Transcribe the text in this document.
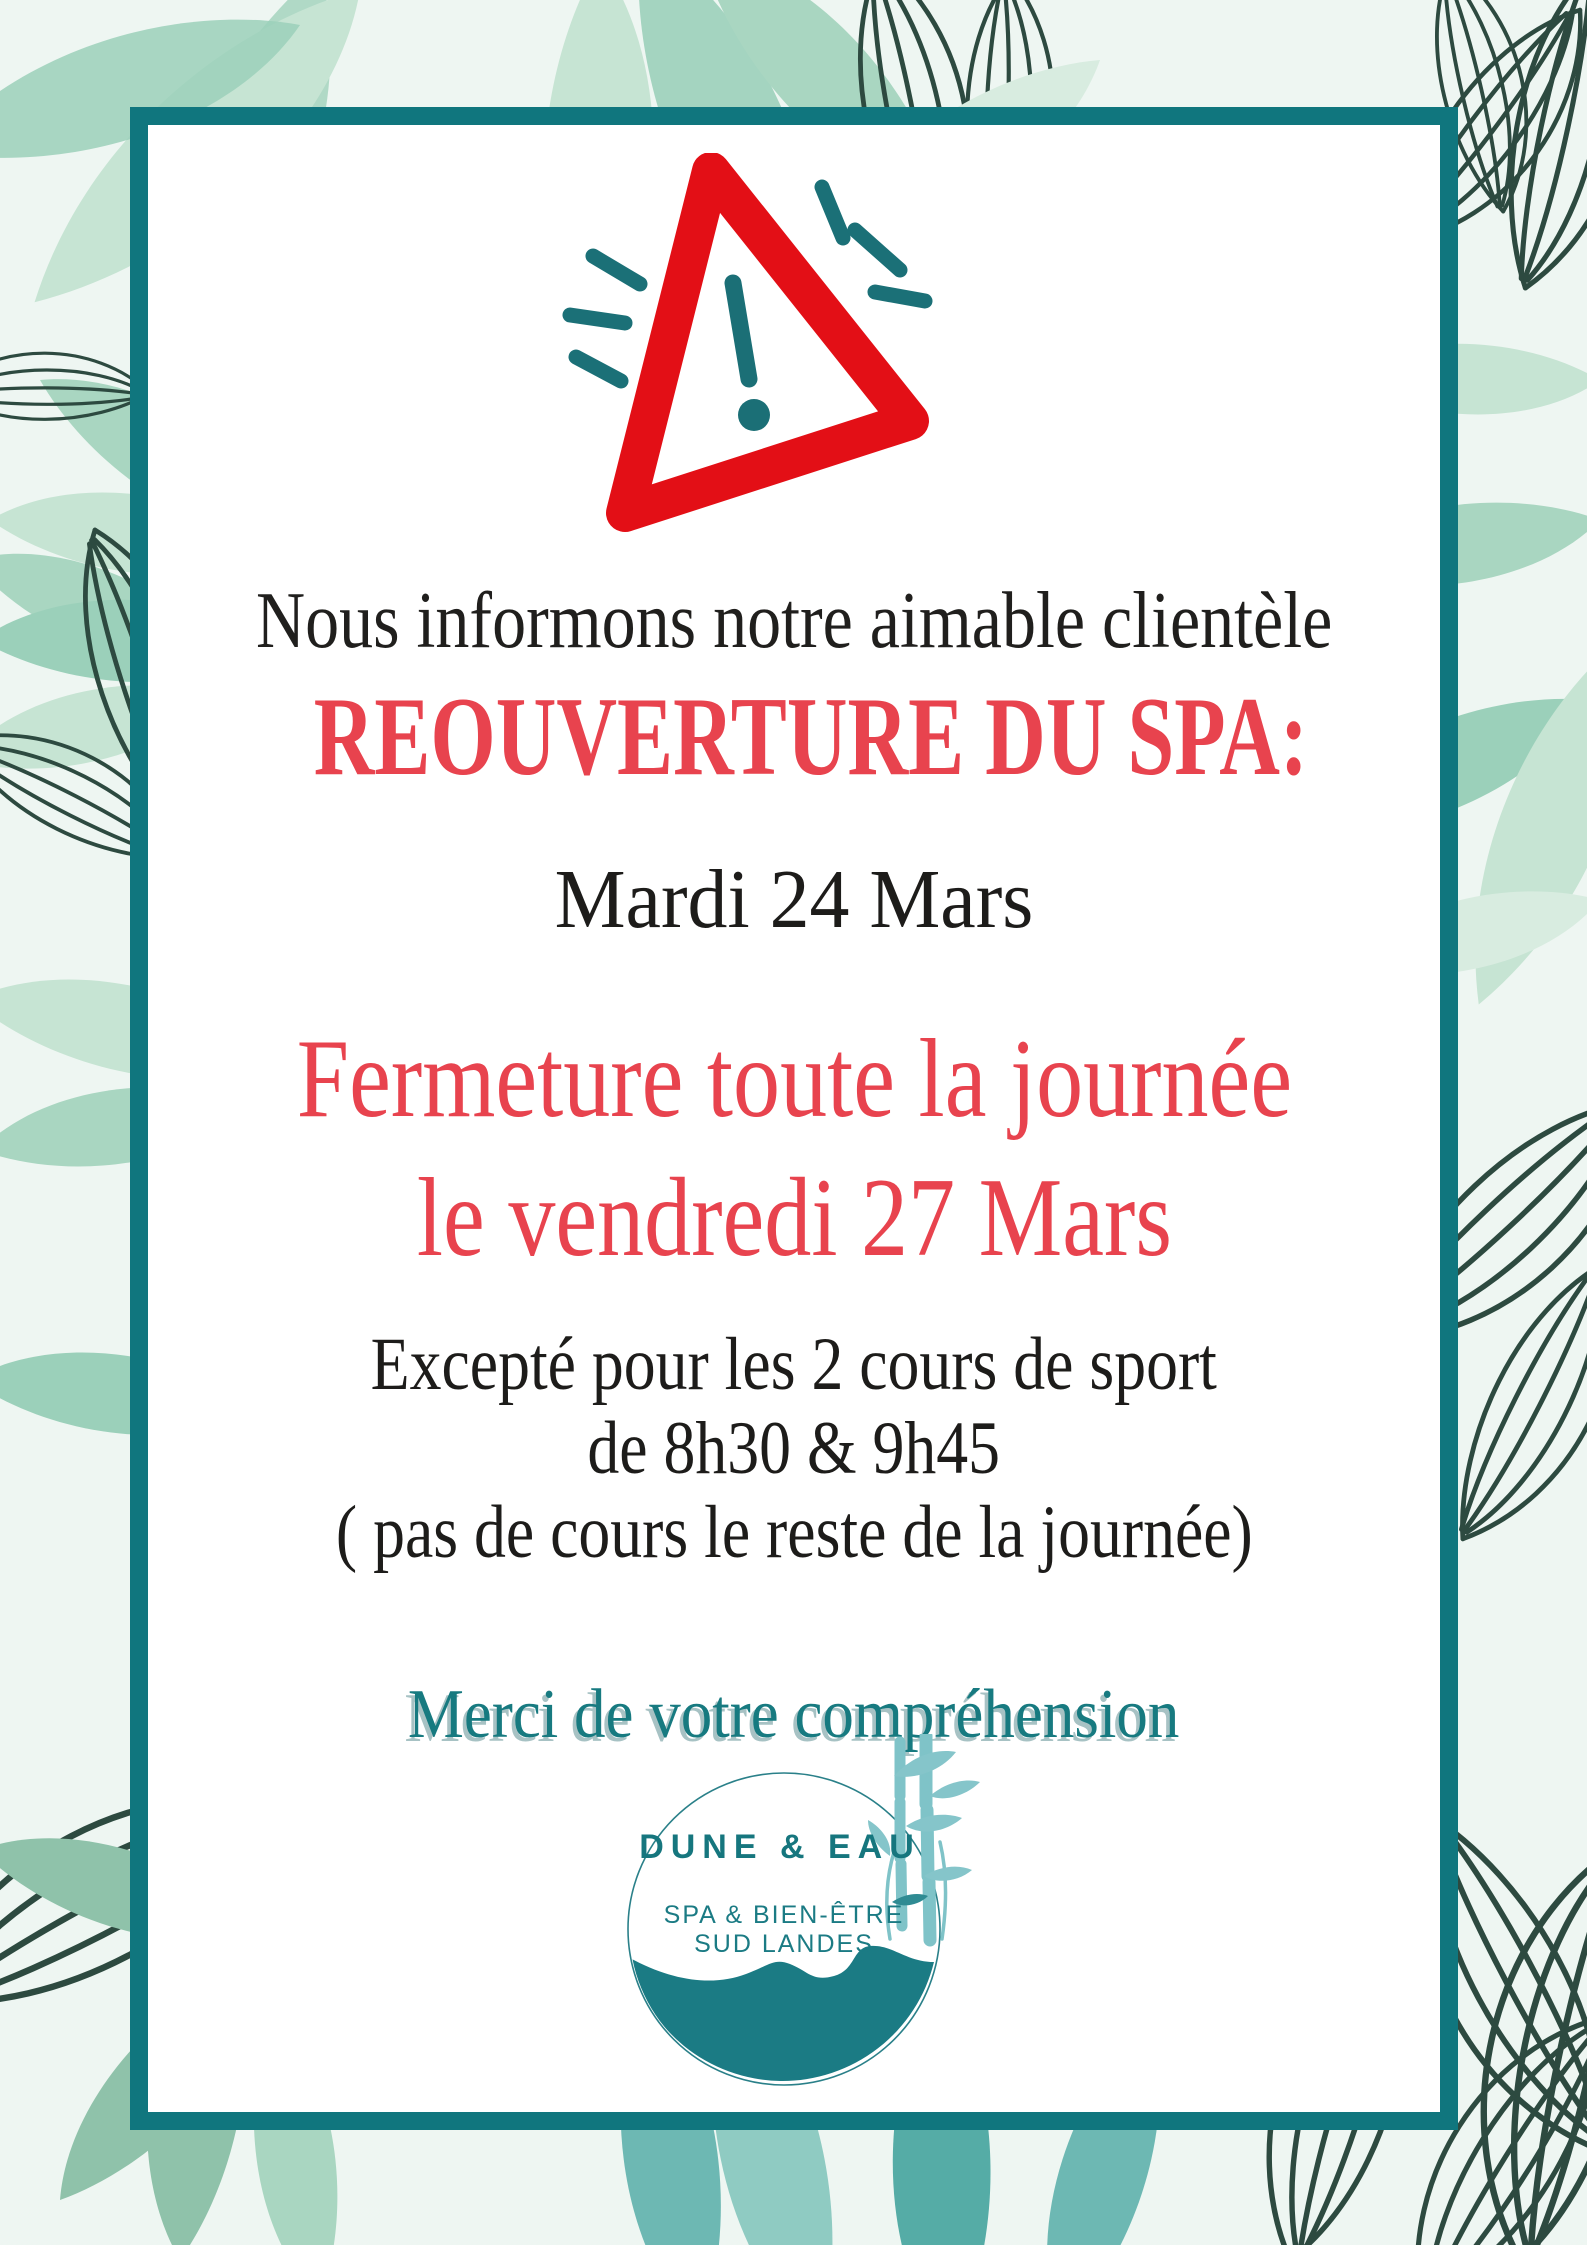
Nous informons notre aimable clientèle
REOUVERTURE DU SPA:
Mardi 24 Mars
Fermeture toute la journée
le vendredi 27 Mars
Excepté pour les 2 cours de sport
de 8h30 & 9h45
( pas de cours le reste de la journée)
Merci de votre compréhension
DUNE & EAU
SPA & BIEN-ÊTRE
SUD LANDES
